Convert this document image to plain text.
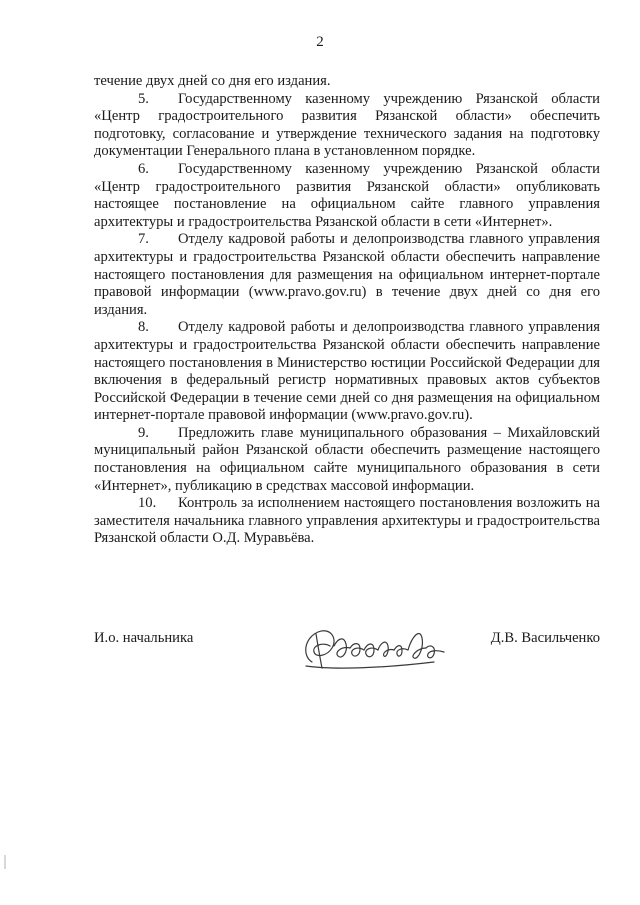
2

течение двух дней со дня его издания.

5. Государственному казенному учреждению Рязанской области «Центр градостроительного развития Рязанской области» обеспечить подготовку, согласование и утверждение технического задания на подготовку документации Генерального плана в установленном порядке.

6. Государственному казенному учреждению Рязанской области «Центр градостроительного развития Рязанской области» опубликовать настоящее постановление на официальном сайте главного управления архитектуры и градостроительства Рязанской области в сети «Интернет».

7. Отделу кадровой работы и делопроизводства главного управления архитектуры и градостроительства Рязанской области обеспечить направление настоящего постановления для размещения на официальном интернет-портале правовой информации (www.pravo.gov.ru) в течение двух дней со дня его издания.

8. Отделу кадровой работы и делопроизводства главного управления архитектуры и градостроительства Рязанской области обеспечить направление настоящего постановления в Министерство юстиции Российской Федерации для включения в федеральный регистр нормативных правовых актов субъектов Российской Федерации в течение семи дней со дня размещения на официальном интернет-портале правовой информации (www.pravo.gov.ru).

9. Предложить главе муниципального образования – Михайловский муниципальный район Рязанской области обеспечить размещение настоящего постановления на официальном сайте муниципального образования в сети «Интернет», публикацию в средствах массовой информации.

10. Контроль за исполнением настоящего постановления возложить на заместителя начальника главного управления архитектуры и градостроительства Рязанской области О.Д. Муравьёва.

И.о. начальника	Д.В. Васильченко
